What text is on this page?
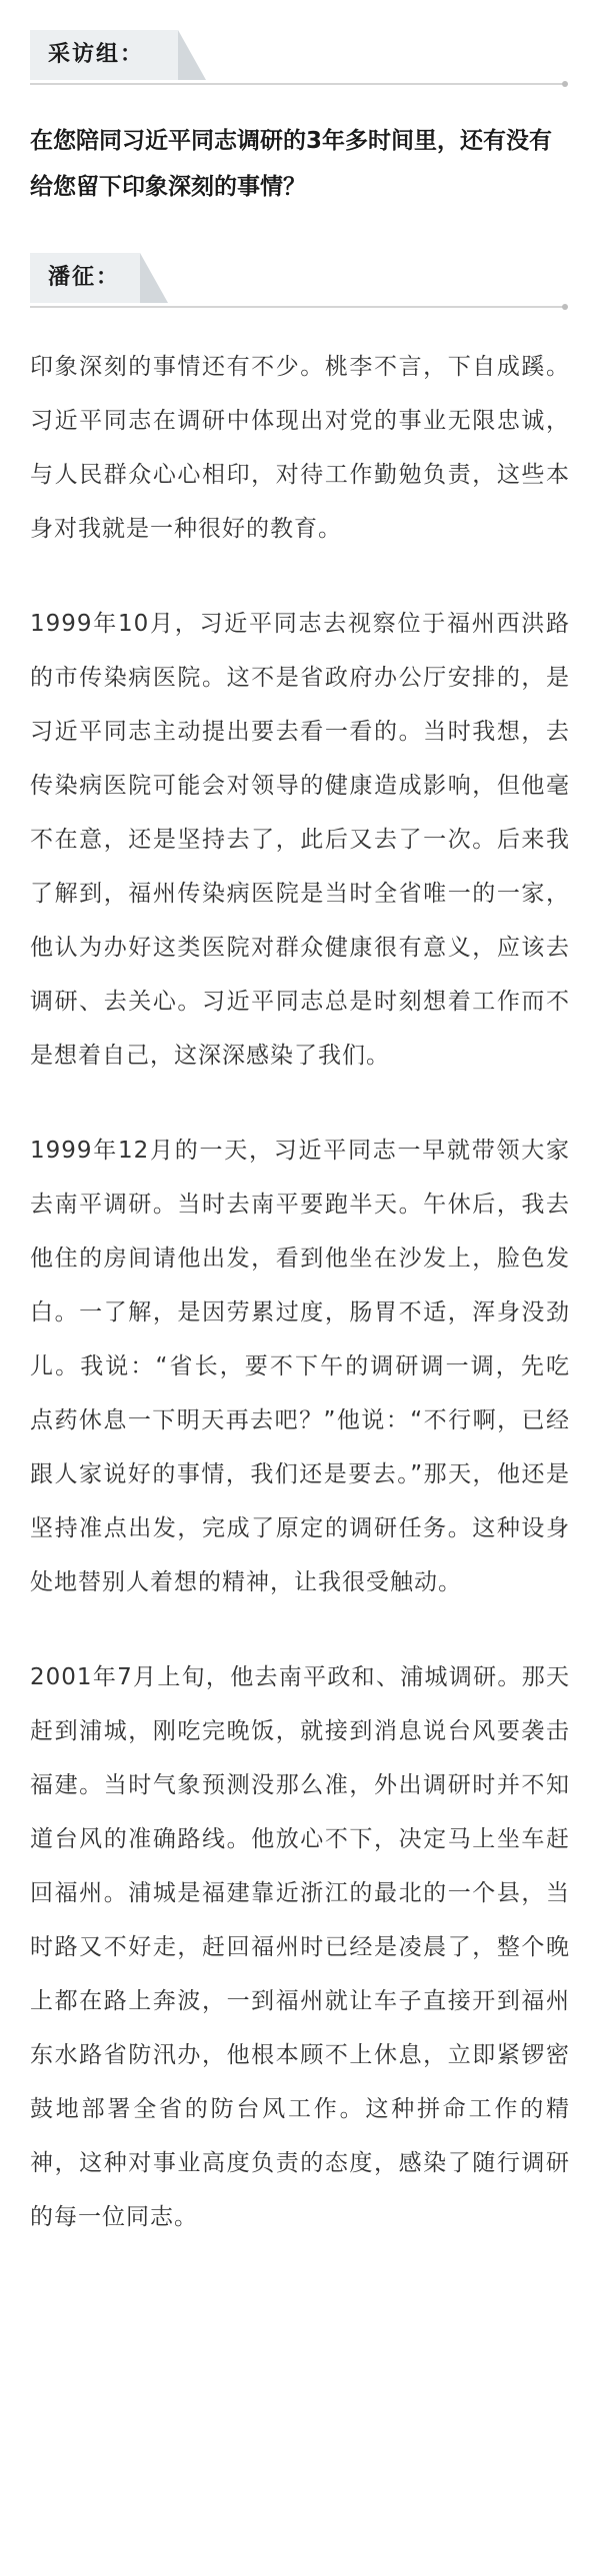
采访组：
在您陪同习近平同志调研的3年多时间里，还有没有给您留下印象深刻的事情？
潘征：

印象深刻的事情还有不少。桃李不言，下自成蹊。习近平同志在调研中体现出对党的事业无限忠诚，与人民群众心心相印，对待工作勤勉负责，这些本身对我就是一种很好的教育。

1999年10月，习近平同志去视察位于福州西洪路的市传染病医院。这不是省政府办公厅安排的，是习近平同志主动提出要去看一看的。当时我想，去传染病医院可能会对领导的健康造成影响，但他毫不在意，还是坚持去了，此后又去了一次。后来我了解到，福州传染病医院是当时全省唯一的一家，他认为办好这类医院对群众健康很有意义，应该去调研、去关心。习近平同志总是时刻想着工作而不是想着自己，这深深感染了我们。

1999年12月的一天，习近平同志一早就带领大家去南平调研。当时去南平要跑半天。午休后，我去他住的房间请他出发，看到他坐在沙发上，脸色发白。一了解，是因劳累过度，肠胃不适，浑身没劲儿。我说：“省长，要不下午的调研调一调，先吃点药休息一下明天再去吧？”他说：“不行啊，已经跟人家说好的事情，我们还是要去。”那天，他还是坚持准点出发，完成了原定的调研任务。这种设身处地替别人着想的精神，让我很受触动。

2001年7月上旬，他去南平政和、浦城调研。那天赶到浦城，刚吃完晚饭，就接到消息说台风要袭击福建。当时气象预测没那么准，外出调研时并不知道台风的准确路线。他放心不下，决定马上坐车赶回福州。浦城是福建靠近浙江的最北的一个县，当时路又不好走，赶回福州时已经是凌晨了，整个晚上都在路上奔波，一到福州就让车子直接开到福州东水路省防汛办，他根本顾不上休息，立即紧锣密鼓地部署全省的防台风工作。这种拼命工作的精神，这种对事业高度负责的态度，感染了随行调研的每一位同志。
